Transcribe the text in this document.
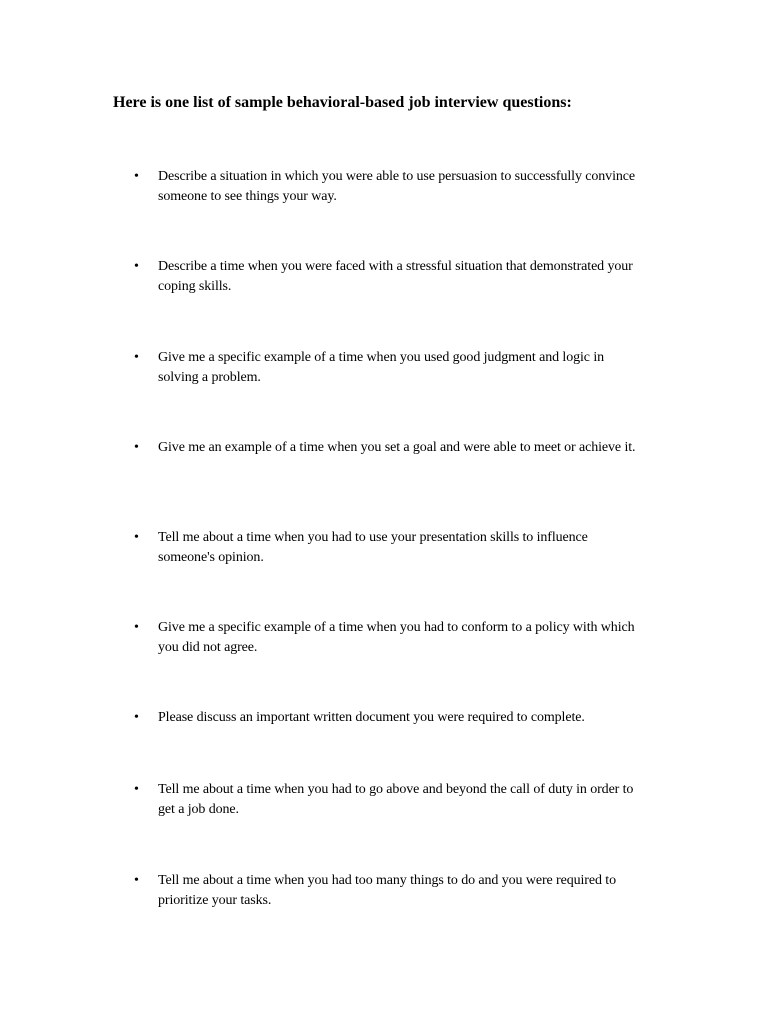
Here is one list of sample behavioral-based job interview questions:
•	Describe a situation in which you were able to use persuasion to successfully convince someone to see things your way.
•	Describe a time when you were faced with a stressful situation that demonstrated your coping skills.
•	Give me a specific example of a time when you used good judgment and logic in solving a problem.
•	Give me an example of a time when you set a goal and were able to meet or achieve it.
•	Tell me about a time when you had to use your presentation skills to influence someone's opinion.
•	Give me a specific example of a time when you had to conform to a policy with which you did not agree.
•	Please discuss an important written document you were required to complete.
•	Tell me about a time when you had to go above and beyond the call of duty in order to get a job done.
•	Tell me about a time when you had too many things to do and you were required to prioritize your tasks.
